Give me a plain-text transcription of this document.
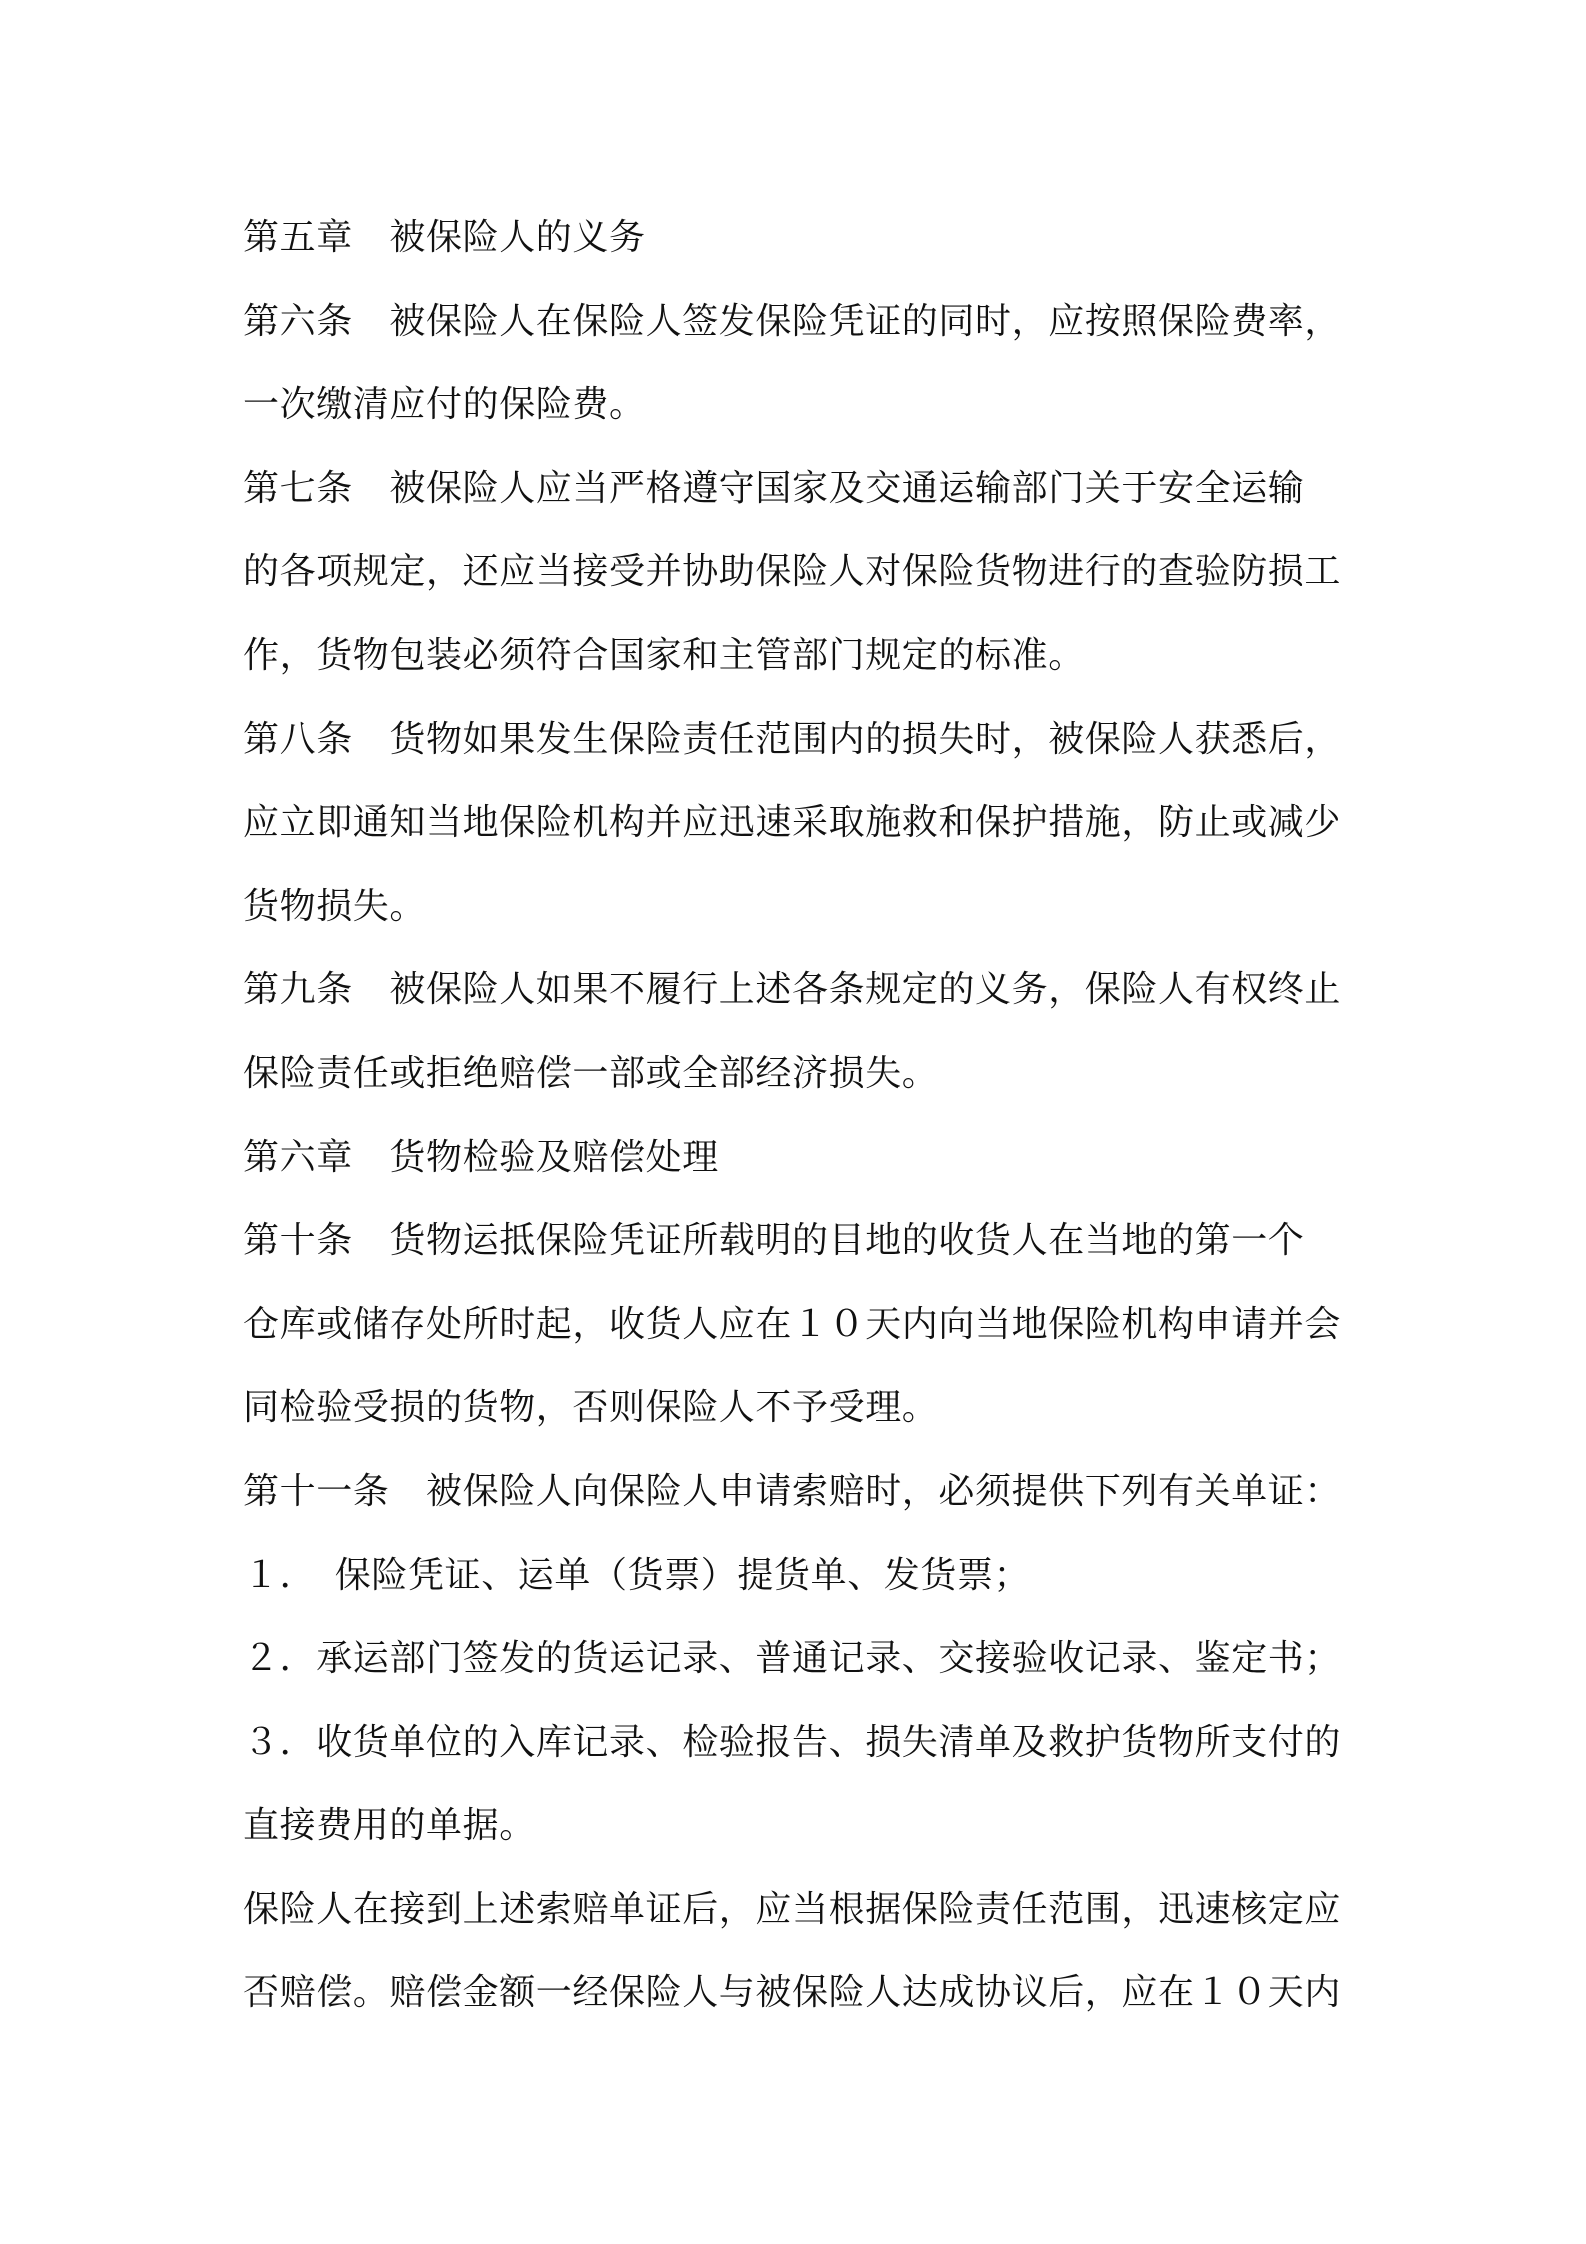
第五章　被保险人的义务
第六条　被保险人在保险人签发保险凭证的同时，应按照保险费率，
一次缴清应付的保险费。
第七条　被保险人应当严格遵守国家及交通运输部门关于安全运输
的各项规定，还应当接受并协助保险人对保险货物进行的查验防损工
作，货物包装必须符合国家和主管部门规定的标准。
第八条　货物如果发生保险责任范围内的损失时，被保险人获悉后，
应立即通知当地保险机构并应迅速采取施救和保护措施，防止或减少
货物损失。
第九条　被保险人如果不履行上述各条规定的义务，保险人有权终止
保险责任或拒绝赔偿一部或全部经济损失。
第六章　货物检验及赔偿处理
第十条　货物运抵保险凭证所载明的目地的收货人在当地的第一个
仓库或储存处所时起，收货人应在１０天内向当地保险机构申请并会
同检验受损的货物，否则保险人不予受理。
第十一条　被保险人向保险人申请索赔时，必须提供下列有关单证：
１．　保险凭证、运单（货票）提货单、发货票；
２．承运部门签发的货运记录、普通记录、交接验收记录、鉴定书；
３．收货单位的入库记录、检验报告、损失清单及救护货物所支付的
直接费用的单据。
保险人在接到上述索赔单证后，应当根据保险责任范围，迅速核定应
否赔偿。赔偿金额一经保险人与被保险人达成协议后，应在１０天内
